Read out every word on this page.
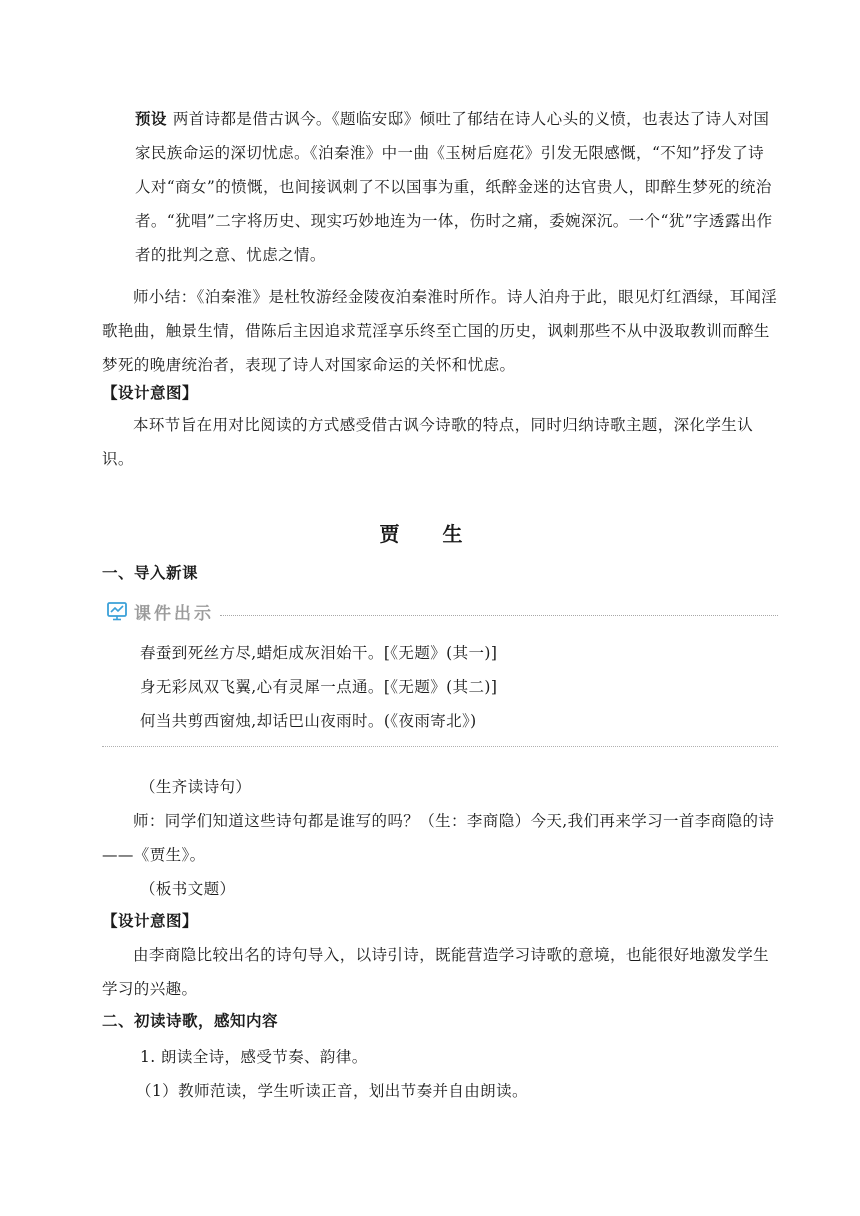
预设 两首诗都是借古讽今。《题临安邸》倾吐了郁结在诗人心头的义愤，也表达了诗人对国家民族命运的深切忧虑。《泊秦淮》中一曲《玉树后庭花》引发无限感慨，“不知”抒发了诗人对“商女”的愤慨，也间接讽刺了不以国事为重，纸醉金迷的达官贵人，即醉生梦死的统治者。“犹唱”二字将历史、现实巧妙地连为一体，伤时之痛，委婉深沉。一个“犹”字透露出作者的批判之意、忧虑之情。
师小结：《泊秦淮》是杜牧游经金陵夜泊秦淮时所作。诗人泊舟于此，眼见灯红酒绿，耳闻淫歌艳曲，触景生情，借陈后主因追求荒淫享乐终至亡国的历史，讽刺那些不从中汲取教训而醉生梦死的晚唐统治者，表现了诗人对国家命运的关怀和忧虑。
【设计意图】
本环节旨在用对比阅读的方式感受借古讽今诗歌的特点，同时归纳诗歌主题，深化学生认识。
贾 生
一、导入新课
课件出示
春蚕到死丝方尽,蜡炬成灰泪始干。[《无题》(其一)]
身无彩凤双飞翼,心有灵犀一点通。[《无题》(其二)]
何当共剪西窗烛,却话巴山夜雨时。(《夜雨寄北》)
（生齐读诗句）
师：同学们知道这些诗句都是谁写的吗？（生：李商隐）今天,我们再来学习一首李商隐的诗——《贾生》。
（板书文题）
【设计意图】
由李商隐比较出名的诗句导入，以诗引诗，既能营造学习诗歌的意境，也能很好地激发学生学习的兴趣。
二、初读诗歌，感知内容
1. 朗读全诗，感受节奏、韵律。
（1）教师范读，学生听读正音，划出节奏并自由朗读。
